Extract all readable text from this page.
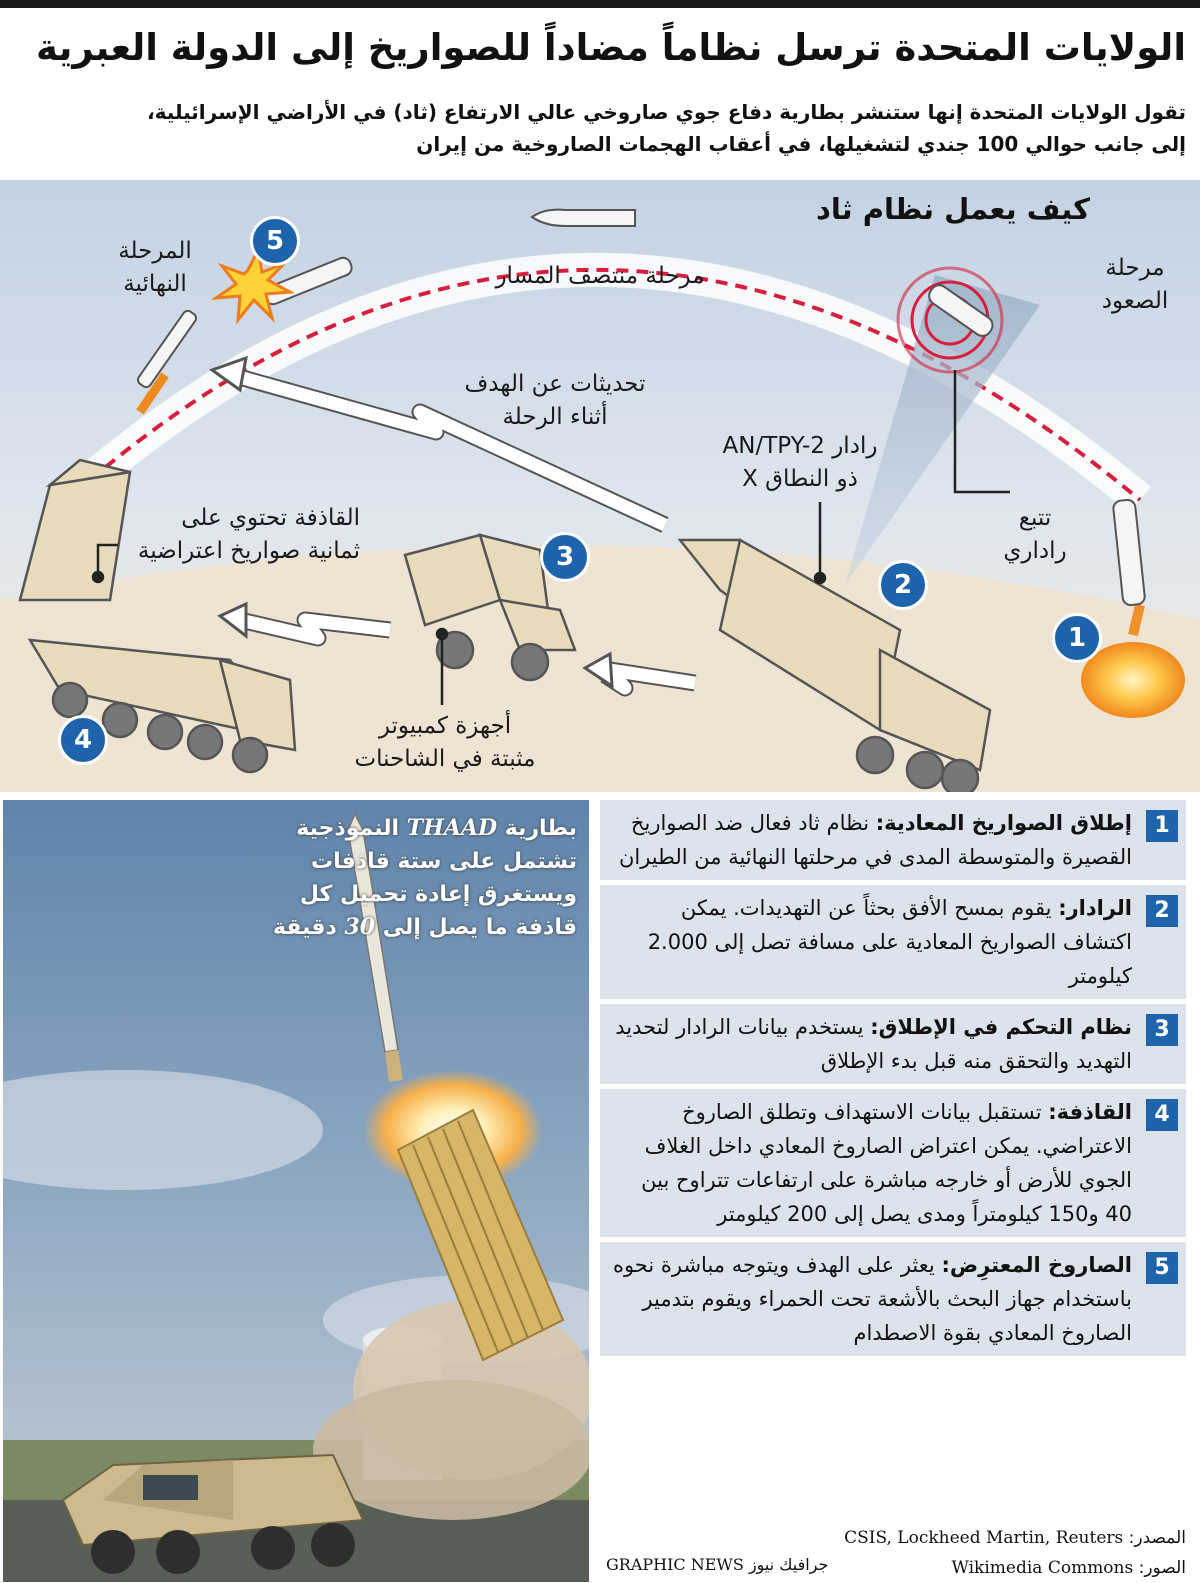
الولايات المتحدة ترسل نظاماً مضاداً للصواريخ إلى الدولة العبرية
تقول الولايات المتحدة إنها ستنشر بطارية دفاع جوي صاروخي عالي الارتفاع (ثاد) في الأراضي الإسرائيلية،
إلى جانب حوالي 100 جندي لتشغيلها، في أعقاب الهجمات الصاروخية من إيران
1
2
3
4
5
كيف يعمل نظام ثاد
مرحلة
الصعود
مرحلة منتصف المسار
المرحلة
النهائية
تحديثات عن الهدف
أثناء الرحلة
رادار AN/TPY-2
ذو النطاق X
تتبع
راداري
القاذفة تحتوي على
ثمانية صواريخ اعتراضية
أجهزة كمبيوتر
مثبتة في الشاحنات
بطارية THAAD النموذجية
تشتمل على ستة قاذفات
ويستغرق إعادة تحميل كل
قاذفة ما يصل إلى 30 دقيقة
1
إطلاق الصواريخ المعادية: نظام ثاد فعال ضد الصواريخ القصيرة والمتوسطة المدى في مرحلتها النهائية من الطيران
2
الرادار: يقوم بمسح الأفق بحثاً عن التهديدات. يمكن اكتشاف الصواريخ المعادية على مسافة تصل إلى 2.000 كيلومتر
3
نظام التحكم في الإطلاق: يستخدم بيانات الرادار لتحديد التهديد والتحقق منه قبل بدء الإطلاق
4
القاذفة: تستقبل بيانات الاستهداف وتطلق الصاروخ الاعتراضي. يمكن اعتراض الصاروخ المعادي داخل الغلاف الجوي للأرض أو خارجه مباشرة على ارتفاعات تتراوح بين 40 و150 كيلومتراً ومدى يصل إلى 200 كيلومتر
5
الصاروخ المعترِض: يعثر على الهدف ويتوجه مباشرة نحوه باستخدام جهاز البحث بالأشعة تحت الحمراء ويقوم بتدمير الصاروخ المعادي بقوة الاصطدام
المصدر: CSIS, Lockheed Martin, Reuters
الصور: Wikimedia Commons
GRAPHIC NEWS جرافيك نيوز
